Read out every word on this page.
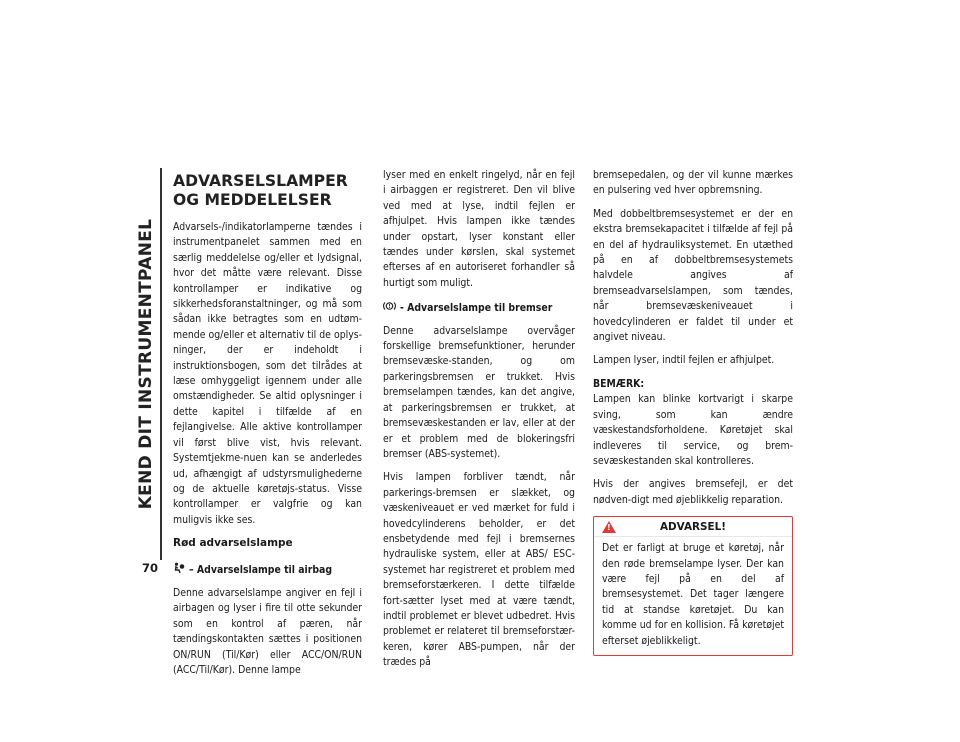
KEND DIT INSTRUMENTPANEL
70
ADVARSELSLAMPER OG MEDDELELSER

Advarsels-/indikatorlamperne tændes i instrumentpanelet sammen med en særlig meddelelse og/eller et lydsignal, hvor det måtte være relevant. Disse kontrollamper er indikative og sikkerhedsforanstaltninger, og må som sådan ikke betragtes som en udtøm-mende og/eller et alternativ til de oplys-ninger, der er indeholdt i instruktionsbogen, som det tilrådes at læse omhyggeligt igennem under alle omstændigheder. Se altid oplysninger i dette kapitel i tilfælde af en fejlangivelse. Alle aktive kontrollamper vil først blive vist, hvis relevant. Systemtjekme-nuen kan se anderledes ud, afhængigt af udstyrsmulighederne og de aktuelle køretøjs-status. Visse kontrollamper er valgfrie og kan muligvis ikke ses.

Rød advarselslampe
– Advarselslampe til airbag

Denne advarselslampe angiver en fejl i airbagen og lyser i fire til otte sekunder som en kontrol af pæren, når tændingskontakten sættes i positionen ON/RUN (Til/Kør) eller ACC/ON/RUN (ACC/Til/Kør). Denne lampe

lyser med en enkelt ringelyd, når en fejl i airbaggen er registreret. Den vil blive ved med at lyse, indtil fejlen er afhjulpet. Hvis lampen ikke tændes under opstart, lyser konstant eller tændes under kørslen, skal systemet efterses af en autoriseret forhandler så hurtigt som muligt.

! - Advarselslampe til bremser

Denne advarselslampe overvåger forskellige bremsefunktioner, herunder bremsevæske-standen, og om parkeringsbremsen er trukket. Hvis bremselampen tændes, kan det angive, at parkeringsbremsen er trukket, at bremsevæskestanden er lav, eller at der er et problem med de blokeringsfri bremser (ABS-systemet).

Hvis lampen forbliver tændt, når parkerings-bremsen er slækket, og væskeniveauet er ved mærket for fuld i hovedcylinderens beholder, er det ensbetydende med fejl i bremsernes hydrauliske system, eller at ABS/ ESC-systemet har registreret et problem med bremseforstærkeren. I dette tilfælde fort-sætter lyset med at være tændt, indtil problemet er blevet udbedret. Hvis problemet er relateret til bremseforstær-keren, kører ABS-pumpen, når der trædes på

bremsepedalen, og der vil kunne mærkes en pulsering ved hver opbremsning.

Med dobbeltbremsesystemet er der en ekstra bremsekapacitet i tilfælde af fejl på en del af hydrauliksystemet. En utæthed på en af dobbeltbremsesystemets halvdele angives af bremseadvarselslampen, som tændes, når bremsevæskeniveauet i hovedcylinderen er faldet til under et angivet niveau.

Lampen lyser, indtil fejlen er afhjulpet.

BEMÆRK:

Lampen kan blinke kortvarigt i skarpe sving, som kan ændre væskestandsforholdene. Køretøjet skal indleveres til service, og brem-sevæskestanden skal kontrolleres.

Hvis der angives bremsefejl, er det nødven-digt med øjeblikkelig reparation.

!	ADVARSEL!
Det er farligt at bruge et køretøj, når den røde bremselampe lyser. Der kan være fejl på en del af bremsesystemet. Det tager længere tid at standse køretøjet. Du kan komme ud for en kollision. Få køretøjet efterset øjeblikkeligt.
